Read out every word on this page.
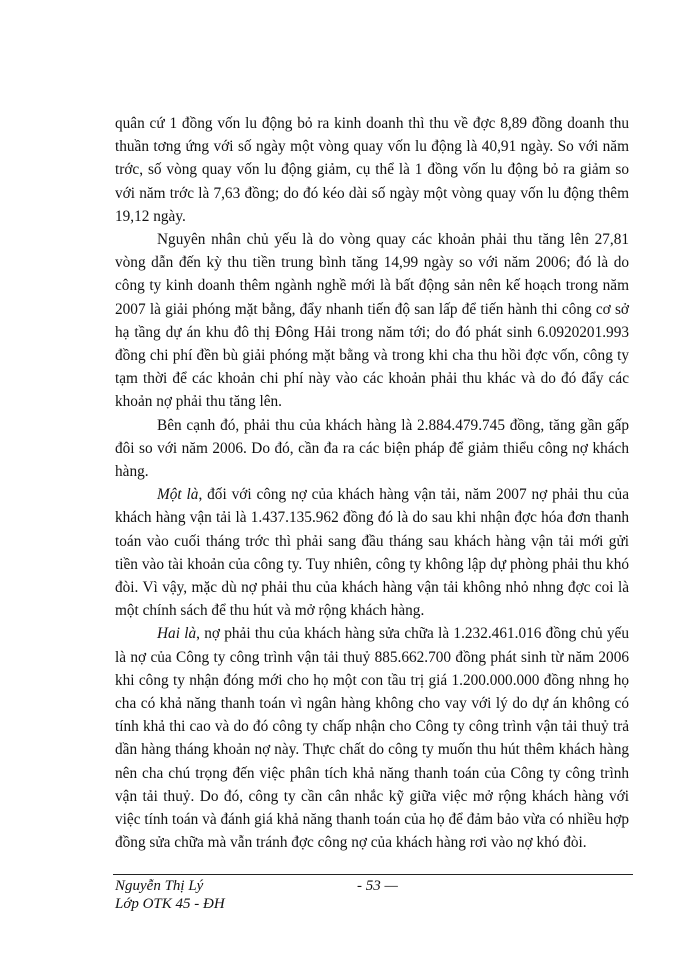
quân cứ 1 đồng vốn lu động bỏ ra kinh doanh thì thu về đợc 8,89 đồng doanh thu thuần tơng ứng với số ngày một vòng quay vốn lu động là 40,91 ngày. So với năm trớc, số vòng quay vốn lu động giảm, cụ thể là 1 đồng vốn lu động bỏ ra giảm so với năm trớc là 7,63 đồng; do đó kéo dài số ngày một vòng quay vốn lu động thêm 19,12 ngày.

Nguyên nhân chủ yếu là do vòng quay các khoản phải thu tăng lên 27,81 vòng dẫn đến kỳ thu tiền trung bình tăng 14,99 ngày so với năm 2006; đó là do công ty kinh doanh thêm ngành nghề mới là bất động sản nên kế hoạch trong năm 2007 là giải phóng mặt bằng, đẩy nhanh tiến độ san lấp để tiến hành thi công cơ sở hạ tầng dự án khu đô thị Đông Hải trong năm tới; do đó phát sinh 6.0920201.993 đồng chi phí đền bù giải phóng mặt bằng và trong khi cha thu hồi đợc vốn, công ty tạm thời để các khoản chi phí này vào các khoản phải thu khác và do đó đẩy các khoản nợ phải thu tăng lên.

Bên cạnh đó, phải thu của khách hàng là 2.884.479.745 đồng, tăng gần gấp đôi so với năm 2006. Do đó, cần đa ra các biện pháp để giảm thiểu công nợ khách hàng.

Một là, đối với công nợ của khách hàng vận tải, năm 2007 nợ phải thu của khách hàng vận tải là 1.437.135.962 đồng đó là do sau khi nhận đợc hóa đơn thanh toán vào cuối tháng trớc thì phải sang đầu tháng sau khách hàng vận tải mới gửi tiền vào tài khoản của công ty. Tuy nhiên, công ty không lập dự phòng phải thu khó đòi. Vì vậy, mặc dù nợ phải thu của khách hàng vận tải không nhỏ nhng đợc coi là một chính sách để thu hút và mở rộng khách hàng.

Hai là, nợ phải thu của khách hàng sửa chữa là 1.232.461.016 đồng chủ yếu là nợ của Công ty công trình vận tải thuỷ 885.662.700 đồng phát sinh từ năm 2006 khi công ty nhận đóng mới cho họ một con tầu trị giá 1.200.000.000 đồng nhng họ cha có khả năng thanh toán vì ngân hàng không cho vay với lý do dự án không có tính khả thi cao và do đó công ty chấp nhận cho Công ty công trình vận tải thuỷ trả dần hàng tháng khoản nợ này. Thực chất do công ty muốn thu hút thêm khách hàng nên cha chú trọng đến việc phân tích khả năng thanh toán của Công ty công trình vận tải thuỷ. Do đó, công ty cần cân nhắc kỹ giữa việc mở rộng khách hàng với việc tính toán và đánh giá khả năng thanh toán của họ để đảm bảo vừa có nhiều hợp đồng sửa chữa mà vẫn tránh đợc công nợ của khách hàng rơi vào nợ khó đòi.

Nguyễn Thị Lý	- 53 —
Lớp OTK 45 - ĐH
